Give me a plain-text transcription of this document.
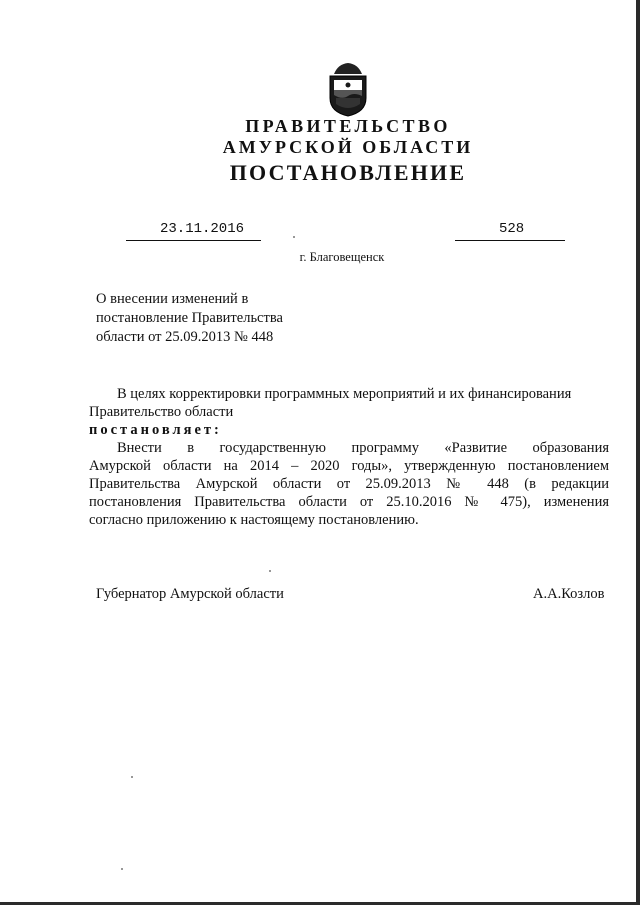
ПРАВИТЕЛЬСТВО
АМУРСКОЙ ОБЛАСТИ
ПОСТАНОВЛЕНИЕ
23.11.2016	528
г. Благовещенск
О внесении изменений в
постановление Правительства
области от 25.09.2013 № 448

В целях корректировки программных мероприятий и их финансирования

Правительство области

постановляет:

Внести в государственную программу «Развитие образования

Амурской области на 2014 – 2020 годы», утвержденную постановлением

Правительства Амурской области от 25.09.2013 № 448 (в редакции

постановления Правительства области от 25.10.2016 № 475), изменения

согласно приложению к настоящему постановлению.

Губернатор Амурской области	А.А.Козлов
